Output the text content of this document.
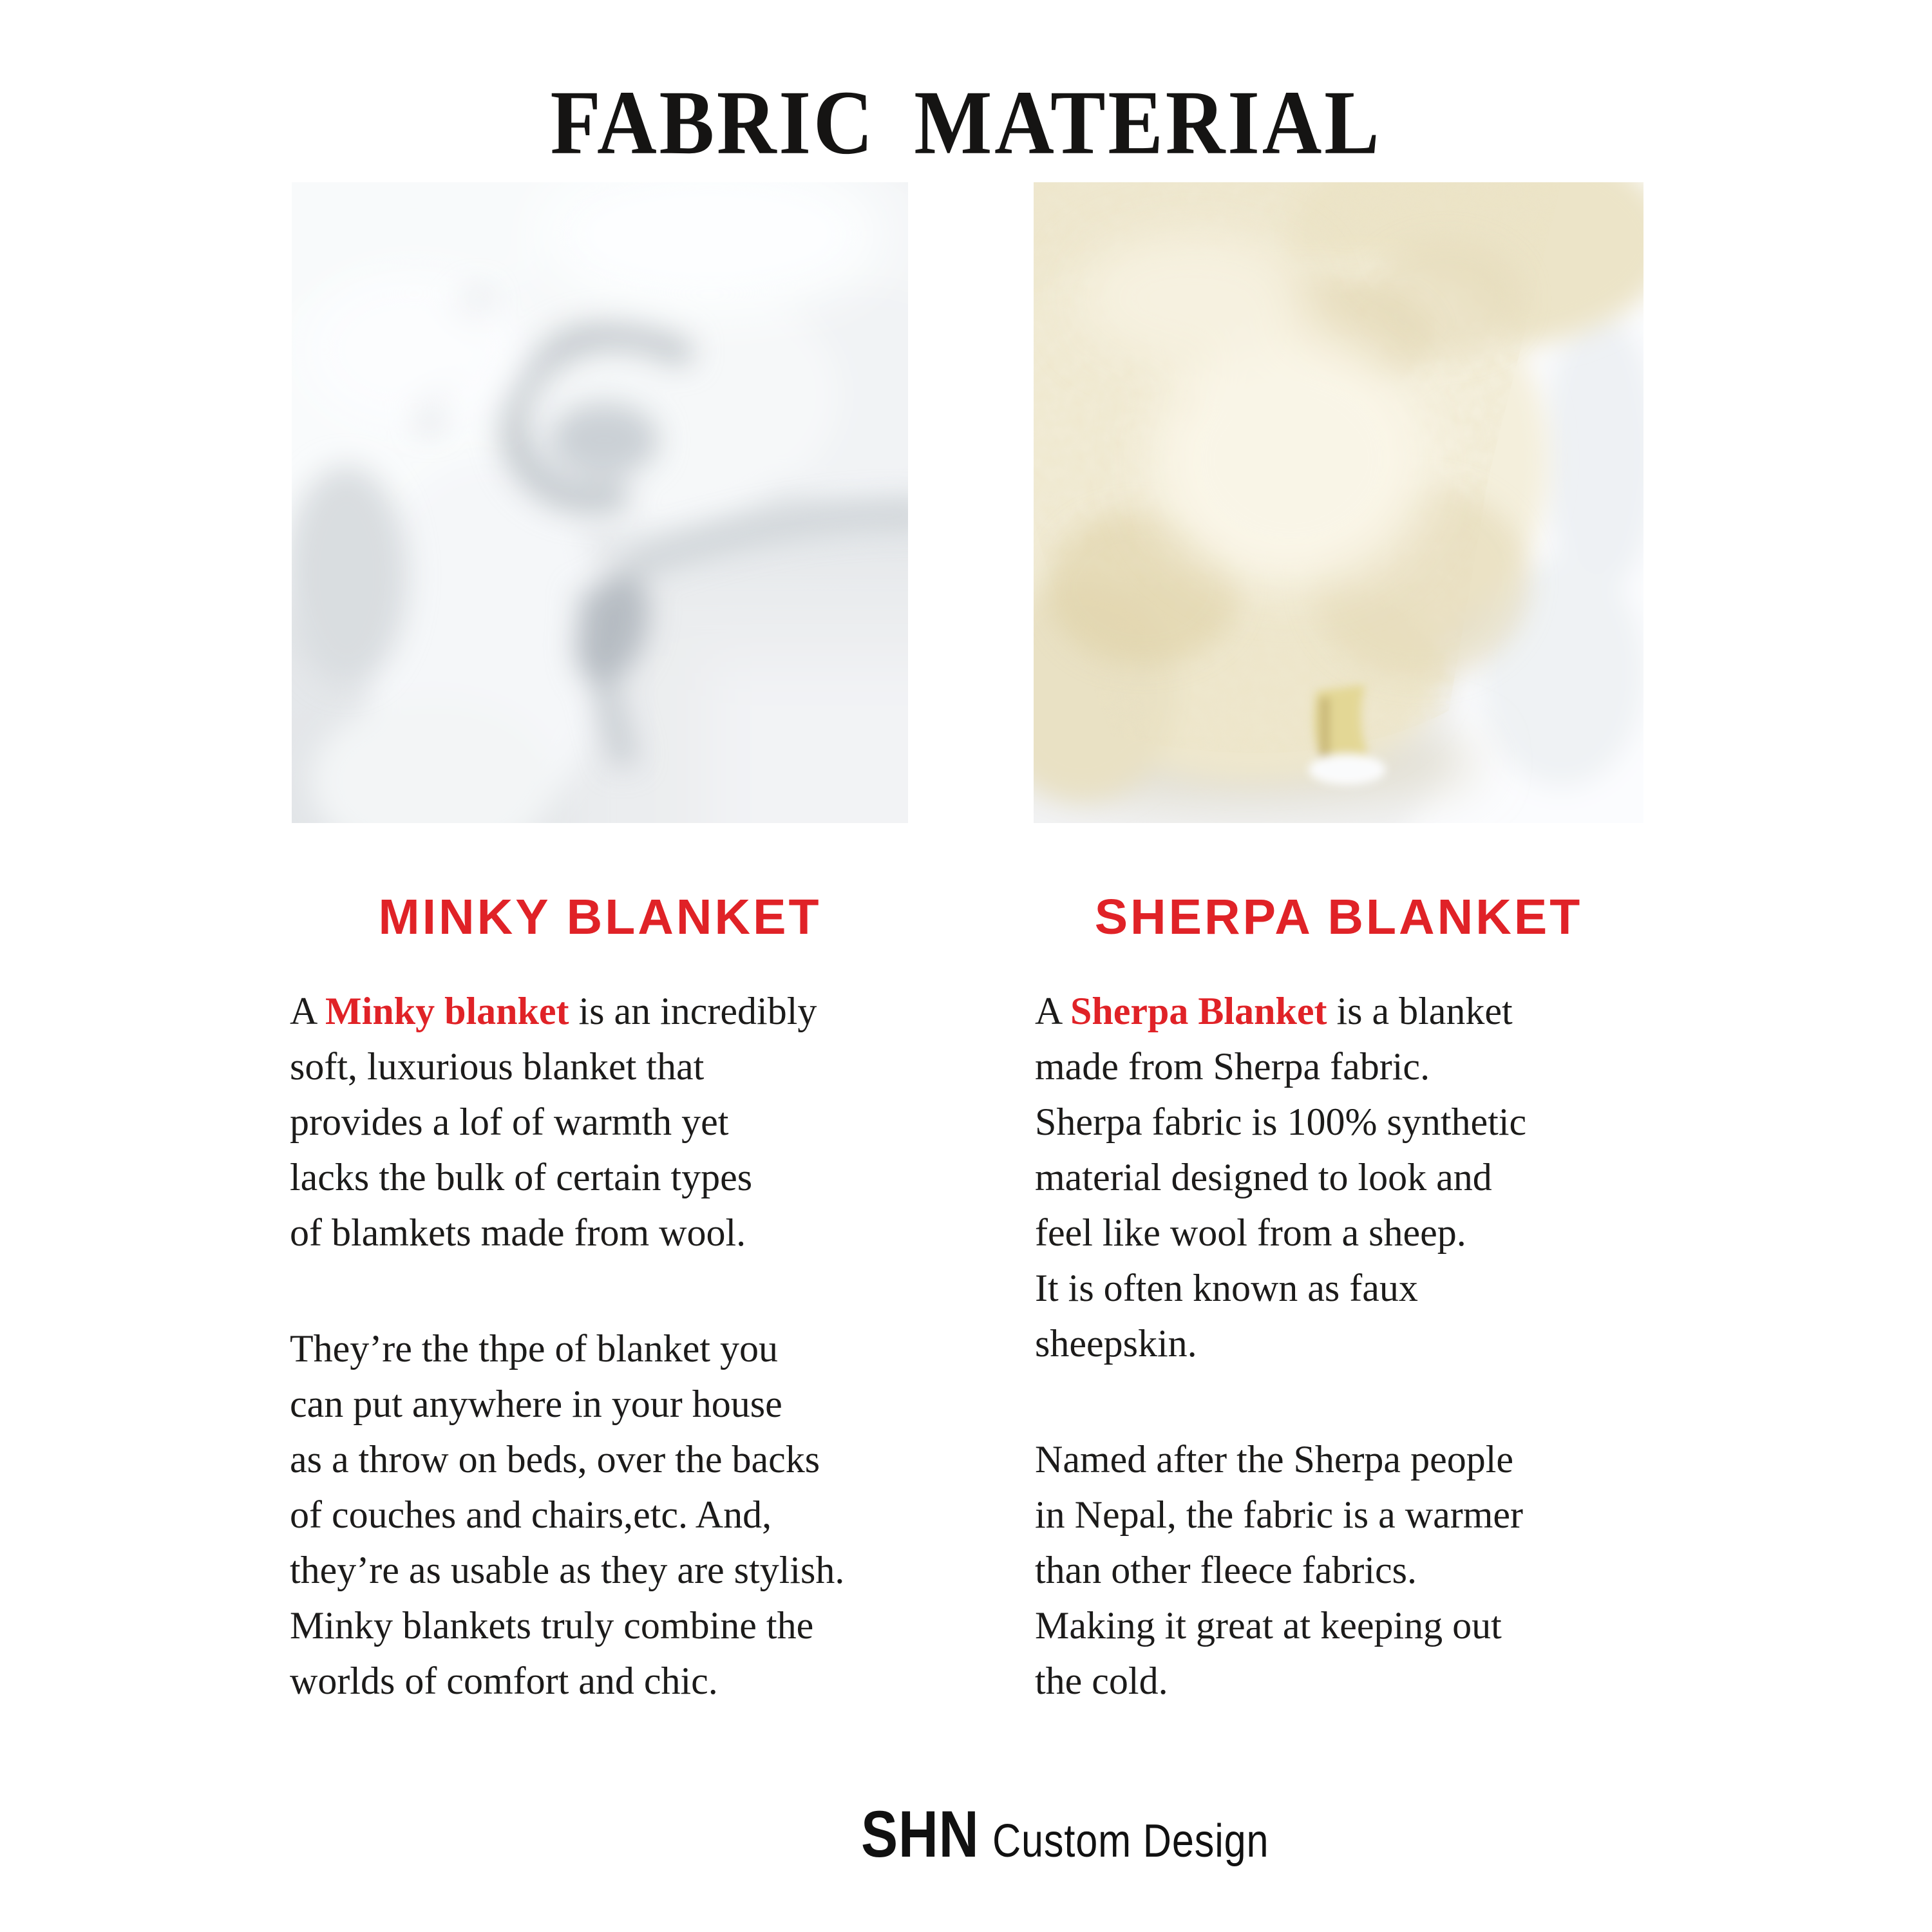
FABRIC MATERIAL
MINKY BLANKET	SHERPA BLANKET
A Minky blanket is an incredibly
soft, luxurious blanket that
provides a lof of warmth yet
lacks the bulk of certain types
of blamkets made from wool.
They’re the thpe of blanket you
can put anywhere in your house
as a throw on beds, over the backs
of couches and chairs,etc. And,
they’re as usable as they are stylish.
Minky blankets truly combine the
worlds of comfort and chic.
A Sherpa Blanket is a blanket
made from Sherpa fabric.
Sherpa fabric is 100% synthetic
material designed to look and
feel like wool from a sheep.
It is often known as faux
sheepskin.
Named after the Sherpa people
in Nepal, the fabric is a warmer
than other fleece fabrics.
Making it great at keeping out
the cold.
SHN Custom Design
